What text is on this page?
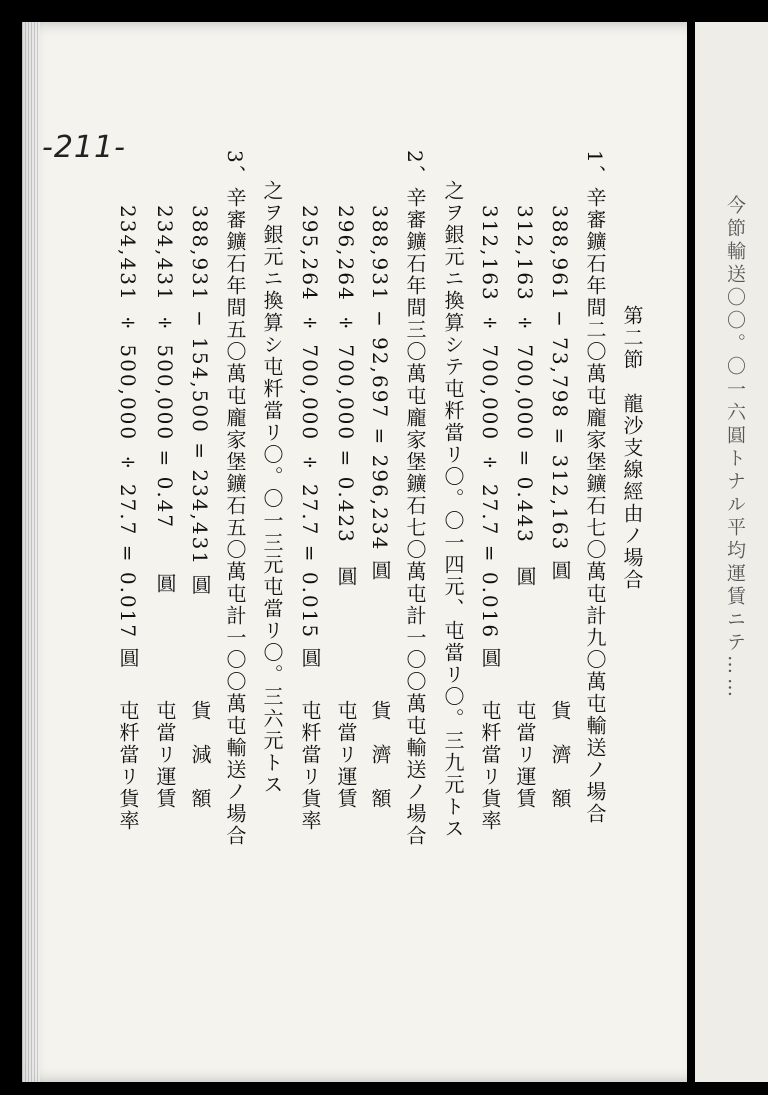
-211-
第二節　龍沙支線經由ノ場合
1、辛審鑛石年間二〇萬屯龐家堡鑛石七〇萬屯計九〇萬屯輸送ノ場合
388,961 − 73,798 = 312,163 圓
貨　濟　額
312,163 ÷ 700,000 = 0.443　圓
屯當リ運賃
312,163 ÷ 700,000 ÷ 27.7 = 0.016 圓
屯粁當リ貨率
之ヲ銀元ニ換算シテ屯粁當リ〇。〇一四元、屯當リ〇。三九元トス
2、辛審鑛石年間三〇萬屯龐家堡鑛石七〇萬屯計一〇〇萬屯輸送ノ場合
388,931 − 92,697 = 296,234 圓
貨　濟　額
296,264 ÷ 700,000 = 0.423　圓
屯當リ運賃
295,264 ÷ 700,000 ÷ 27.7 = 0.015 圓
屯粁當リ貨率
之ヲ銀元ニ換算シ屯粁當リ〇。〇一三元屯當リ〇。三六元トス
3、辛審鑛石年間五〇萬屯龐家堡鑛石五〇萬屯計一〇〇萬屯輸送ノ場合
388,931 − 154,500 = 234,431 圓
貨　減　額
234,431 ÷ 500,000 = 0.47　　圓
屯當リ運賃
234,431 ÷ 500,000 ÷ 27.7 = 0.017 圓
屯粁當リ貨率
今節輸送〇〇。〇一六圓トナル平均運賃ニテ……
